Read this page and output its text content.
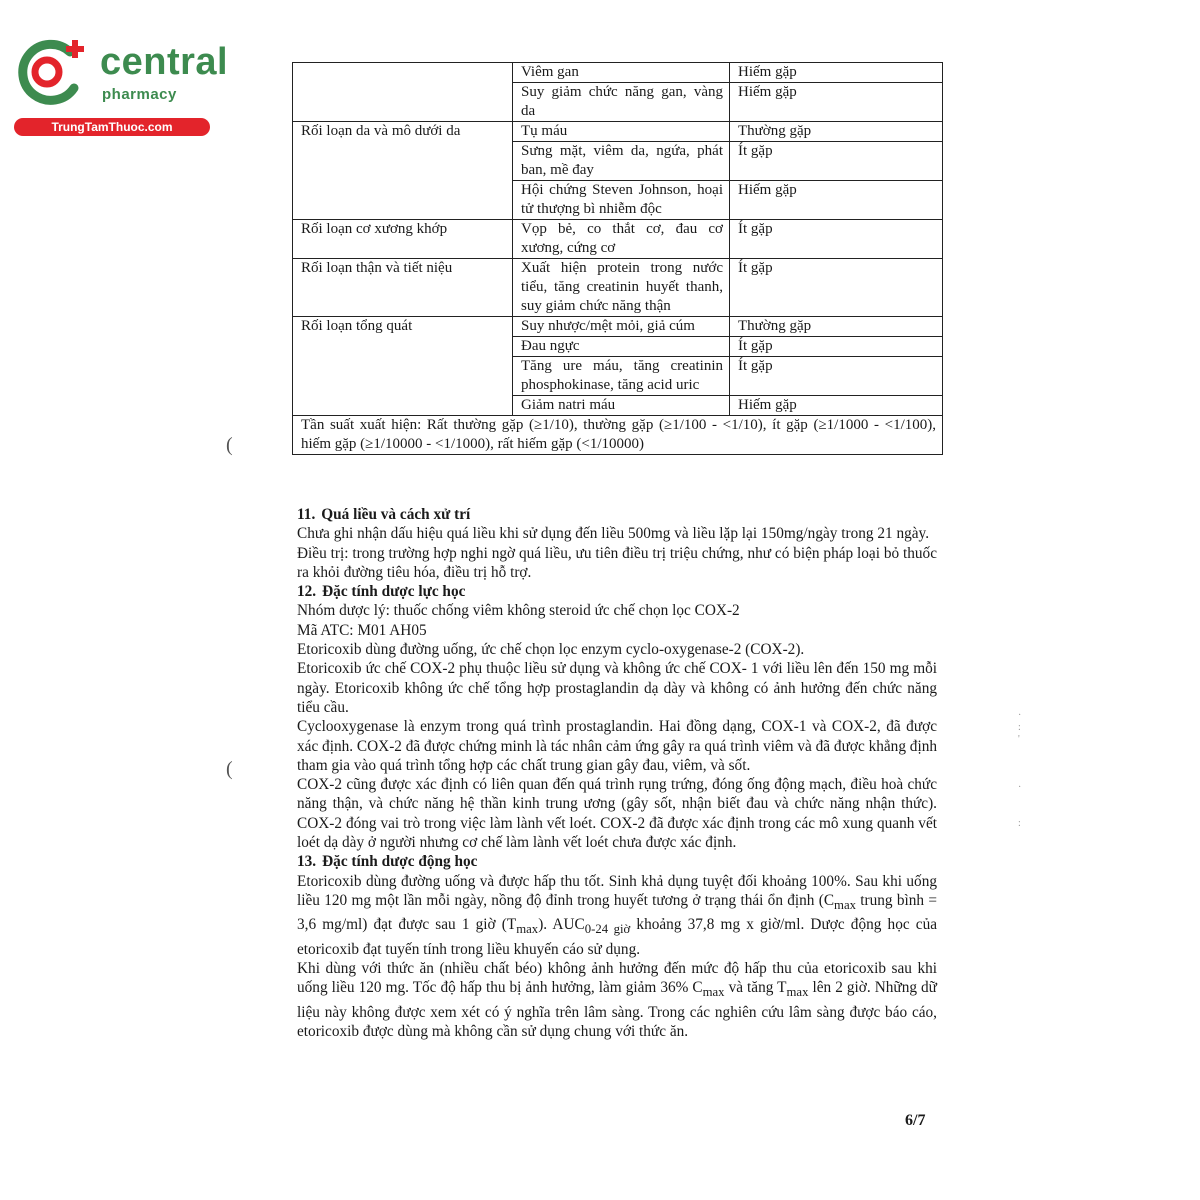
central
pharmacy
TrungTamThuoc.com
	Viêm gan	Hiếm gặp
	Suy giảm chức năng gan, vàng da	Hiếm gặp
Rối loạn da và mô dưới da	Tụ máu	Thường gặp
	Sưng mặt, viêm da, ngứa, phát ban, mề đay	Ít gặp
	Hội chứng Steven Johnson, hoại tử thượng bì nhiễm độc	Hiếm gặp
Rối loạn cơ xương khớp	Vọp bẻ, co thắt cơ, đau cơ xương, cứng cơ	Ít gặp
Rối loạn thận và tiết niệu	Xuất hiện protein trong nước tiểu, tăng creatinin huyết thanh, suy giảm chức năng thận	Ít gặp
Rối loạn tổng quát	Suy nhược/mệt mỏi, giả cúm	Thường gặp
	Đau ngực	Ít gặp
	Tăng ure máu, tăng creatinin phosphokinase, tăng acid uric	Ít gặp
	Giảm natri máu	Hiếm gặp
Tần suất xuất hiện: Rất thường gặp (≥1/10), thường gặp (≥1/100 - <1/10), ít gặp (≥1/1000 - <1/100), hiếm gặp (≥1/10000 - <1/1000), rất hiếm gặp (<1/10000)		
11. Quá liều và cách xử trí

Chưa ghi nhận dấu hiệu quá liều khi sử dụng đến liều 500mg và liều lặp lại 150mg/ngày trong 21 ngày.

Điều trị: trong trường hợp nghi ngờ quá liều, ưu tiên điều trị triệu chứng, như có biện pháp loại bỏ thuốc ra khỏi đường tiêu hóa, điều trị hỗ trợ.

12. Đặc tính dược lực học

Nhóm dược lý: thuốc chống viêm không steroid ức chế chọn lọc COX-2

Mã ATC: M01 AH05

Etoricoxib dùng đường uống, ức chế chọn lọc enzym cyclo-oxygenase-2 (COX-2).

Etoricoxib ức chế COX-2 phụ thuộc liều sử dụng và không ức chế COX- 1 với liều lên đến 150 mg mỗi ngày. Etoricoxib không ức chế tổng hợp prostaglandin dạ dày và không có ảnh hưởng đến chức năng tiểu cầu.

Cyclooxygenase là enzym trong quá trình prostaglandin. Hai đồng dạng, COX-1 và COX-2, đã được xác định. COX-2 đã được chứng minh là tác nhân cảm ứng gây ra quá trình viêm và đã được khẳng định tham gia vào quá trình tổng hợp các chất trung gian gây đau, viêm, và sốt.

COX-2 cũng được xác định có liên quan đến quá trình rụng trứng, đóng ống động mạch, điều hoà chức năng thận, và chức năng hệ thần kinh trung ương (gây sốt, nhận biết đau và chức năng nhận thức). COX-2 đóng vai trò trong việc làm lành vết loét. COX-2 đã được xác định trong các mô xung quanh vết loét dạ dày ở người nhưng cơ chế làm lành vết loét chưa được xác định.

13. Đặc tính dược động học

Etoricoxib dùng đường uống và được hấp thu tốt. Sinh khả dụng tuyệt đối khoảng 100%. Sau khi uống liều 120 mg một lần mỗi ngày, nồng độ đỉnh trong huyết tương ở trạng thái ổn định ($C_{max}$ trung bình = 3,6 mg/ml) đạt được sau 1 giờ $(T_{max})$. $AUC_{0-24 giờ}$ khoảng 37,8 mg x giờ/ml. Dược động học của etoricoxib đạt tuyến tính trong liều khuyến cáo sử dụng.

Khi dùng với thức ăn (nhiều chất béo) không ảnh hưởng đến mức độ hấp thu của etoricoxib sau khi uống liều 120 mg. Tốc độ hấp thu bị ảnh hưởng, làm giảm 36% $C_{max}$ và tăng $T_{max}$ lên 2 giờ. Những dữ liệu này không được xem xét có ý nghĩa trên lâm sàng. Trong các nghiên cứu lâm sàng được báo cáo, etoricoxib được dùng mà không cần sử dụng chung với thức ăn.

6/7
(
(
·
:
'

·

:
